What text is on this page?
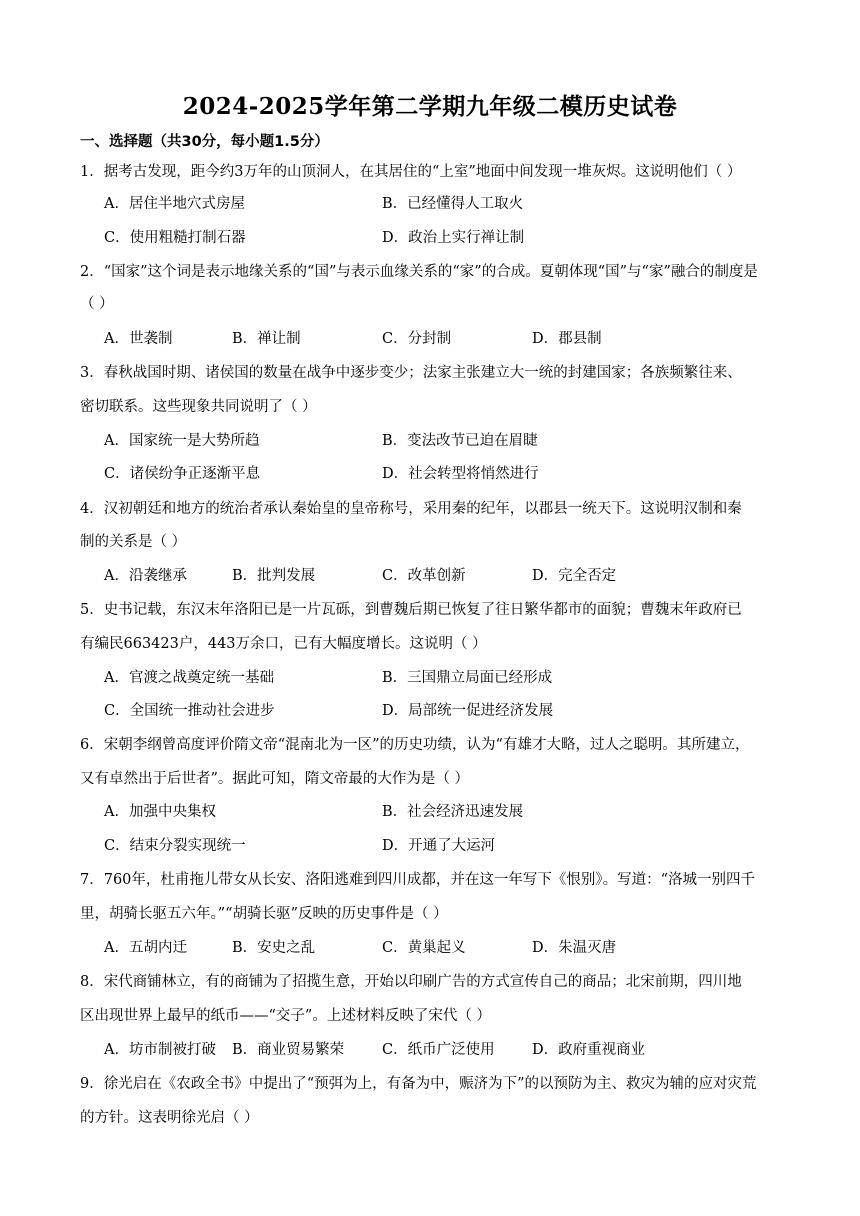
2024-2025学年第二学期九年级二模历史试卷
一、选择题（共30分，每小题1.5分）
1．据考古发现，距今约3万年的山顶洞人，在其居住的“上室”地面中间发现一堆灰烬。这说明他们（ ）
A．居住半地穴式房屋	B．已经懂得人工取火
C．使用粗糙打制石器	D．政治上实行禅让制
2．“国家”这个词是表示地缘关系的“国”与表示血缘关系的“家”的合成。夏朝体现“国”与“家”融合的制度是
（ ）
A．世袭制	B．禅让制	C．分封制	D．郡县制
3．春秋战国时期、诸侯国的数量在战争中逐步变少；法家主张建立大一统的封建国家；各族频繁往来、
密切联系。这些现象共同说明了（ ）
A．国家统一是大势所趋	B．变法改节已迫在眉睫
C．诸侯纷争正逐渐平息	D．社会转型将悄然进行
4．汉初朝廷和地方的统治者承认秦始皇的皇帝称号，采用秦的纪年，以郡县一统天下。这说明汉制和秦
制的关系是（ ）
A．沿袭继承	B．批判发展	C．改革创新	D．完全否定
5．史书记载，东汉末年洛阳已是一片瓦砾，到曹魏后期已恢复了往日繁华都市的面貌；曹魏末年政府已
有编民663423户，443万余口，已有大幅度增长。这说明（ ）
A．官渡之战奠定统一基础	B．三国鼎立局面已经形成
C．全国统一推动社会进步	D．局部统一促进经济发展
6．宋朝李纲曾高度评价隋文帝“混南北为一区”的历史功绩，认为“有雄才大略，过人之聪明。其所建立，
又有卓然出于后世者”。据此可知，隋文帝最的大作为是（ ）
A．加强中央集权	B．社会经济迅速发展
C．结束分裂实现统一	D．开通了大运河
7．760年，杜甫拖儿带女从长安、洛阳逃难到四川成都，并在这一年写下《恨别》。写道：“洛城一别四千
里，胡骑长驱五六年。”“胡骑长驱”反映的历史事件是（ ）
A．五胡内迁	B．安史之乱	C．黄巢起义	D．朱温灭唐
8．宋代商铺林立，有的商铺为了招揽生意，开始以印刷广告的方式宣传自己的商品；北宋前期，四川地
区出现世界上最早的纸币——“交子”。上述材料反映了宋代（ ）
A．坊市制被打破 B．商业贸易繁荣	C．纸币广泛使用	D．政府重视商业
9．徐光启在《农政全书》中提出了“预弭为上，有备为中，赈济为下”的以预防为主、救灾为辅的应对灾荒
的方针。这表明徐光启（ ）
